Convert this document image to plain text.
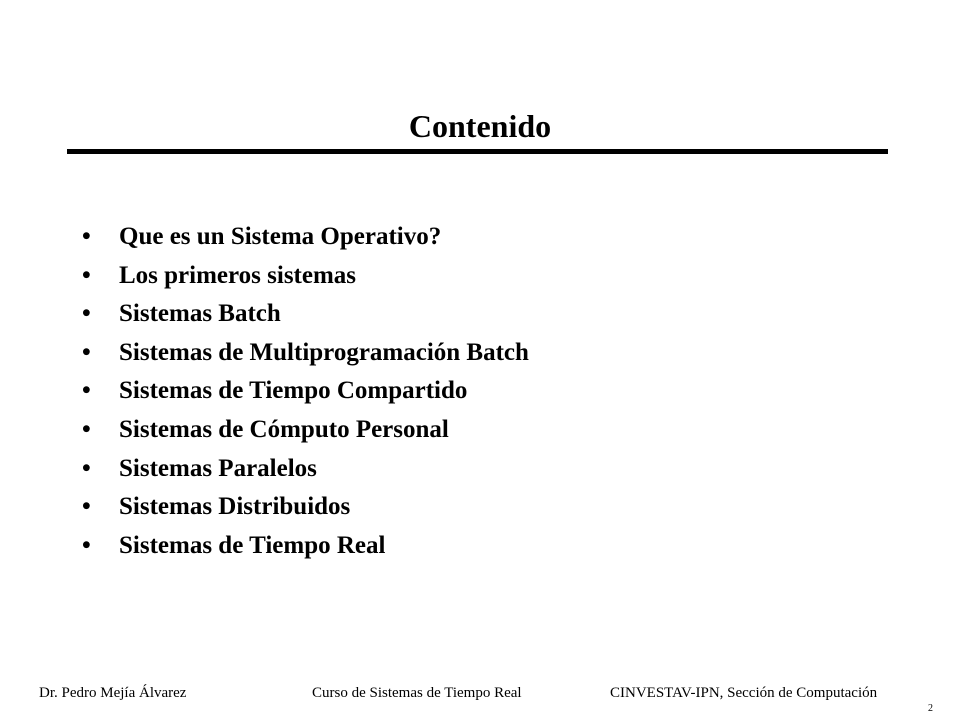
Contenido
• Que es un Sistema Operativo?
• Los primeros sistemas
• Sistemas Batch
• Sistemas de Multiprogramación Batch
• Sistemas de Tiempo Compartido
• Sistemas de Cómputo Personal
• Sistemas Paralelos
• Sistemas Distribuidos
• Sistemas de Tiempo Real
Dr. Pedro Mejía Álvarez	Curso de Sistemas de Tiempo Real	CINVESTAV-IPN, Sección de Computación
2
